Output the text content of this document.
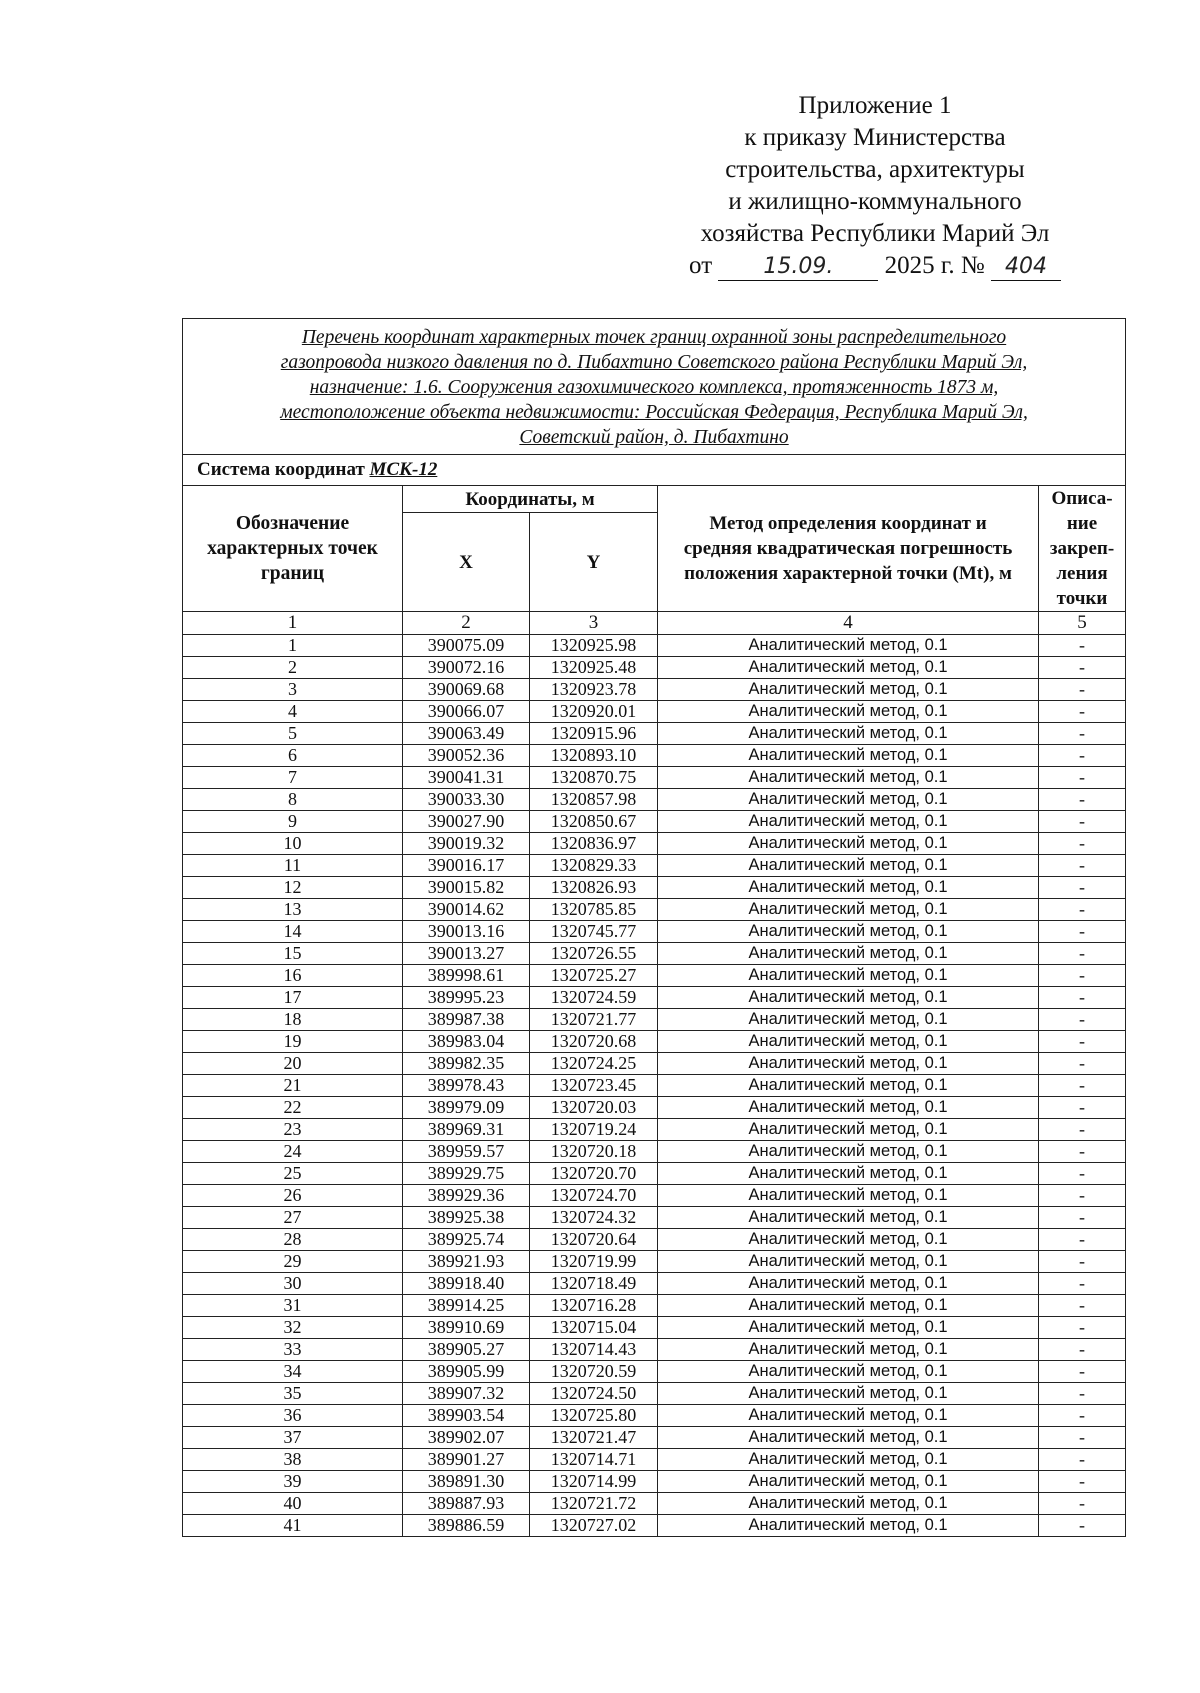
Приложение 1
к приказу Министерства
строительства, архитектуры
и жилищно-коммунального
хозяйства Республики Марий Эл
от 15.09. 2025 г. № 404
Перечень координат характерных точек границ охранной зоны распределительного
газопровода низкого давления по д. Пибахтино Советского района Республики Марий Эл,
назначение: 1.6. Сооружения газохимического комплекса, протяженность 1873 м,
местоположение объекта недвижимости: Российская Федерация, Республика Марий Эл,
Советский район, д. Пибахтино				

Система координат МСК-12				
Обозначение характерных точек границ	Координаты, м		Метод определения координат и средняя квадратическая погрешность положения характерной точки (Mt), м	Описа-ние закреп-ления точки
	X	Y		
1	2	3	4	5
1	390075.09	1320925.98	Аналитический метод, 0.1	-
2	390072.16	1320925.48	Аналитический метод, 0.1	-
3	390069.68	1320923.78	Аналитический метод, 0.1	-
4	390066.07	1320920.01	Аналитический метод, 0.1	-
5	390063.49	1320915.96	Аналитический метод, 0.1	-
6	390052.36	1320893.10	Аналитический метод, 0.1	-
7	390041.31	1320870.75	Аналитический метод, 0.1	-
8	390033.30	1320857.98	Аналитический метод, 0.1	-
9	390027.90	1320850.67	Аналитический метод, 0.1	-
10	390019.32	1320836.97	Аналитический метод, 0.1	-
11	390016.17	1320829.33	Аналитический метод, 0.1	-
12	390015.82	1320826.93	Аналитический метод, 0.1	-
13	390014.62	1320785.85	Аналитический метод, 0.1	-
14	390013.16	1320745.77	Аналитический метод, 0.1	-
15	390013.27	1320726.55	Аналитический метод, 0.1	-
16	389998.61	1320725.27	Аналитический метод, 0.1	-
17	389995.23	1320724.59	Аналитический метод, 0.1	-
18	389987.38	1320721.77	Аналитический метод, 0.1	-
19	389983.04	1320720.68	Аналитический метод, 0.1	-
20	389982.35	1320724.25	Аналитический метод, 0.1	-
21	389978.43	1320723.45	Аналитический метод, 0.1	-
22	389979.09	1320720.03	Аналитический метод, 0.1	-
23	389969.31	1320719.24	Аналитический метод, 0.1	-
24	389959.57	1320720.18	Аналитический метод, 0.1	-
25	389929.75	1320720.70	Аналитический метод, 0.1	-
26	389929.36	1320724.70	Аналитический метод, 0.1	-
27	389925.38	1320724.32	Аналитический метод, 0.1	-
28	389925.74	1320720.64	Аналитический метод, 0.1	-
29	389921.93	1320719.99	Аналитический метод, 0.1	-
30	389918.40	1320718.49	Аналитический метод, 0.1	-
31	389914.25	1320716.28	Аналитический метод, 0.1	-
32	389910.69	1320715.04	Аналитический метод, 0.1	-
33	389905.27	1320714.43	Аналитический метод, 0.1	-
34	389905.99	1320720.59	Аналитический метод, 0.1	-
35	389907.32	1320724.50	Аналитический метод, 0.1	-
36	389903.54	1320725.80	Аналитический метод, 0.1	-
37	389902.07	1320721.47	Аналитический метод, 0.1	-
38	389901.27	1320714.71	Аналитический метод, 0.1	-
39	389891.30	1320714.99	Аналитический метод, 0.1	-
40	389887.93	1320721.72	Аналитический метод, 0.1	-
41	389886.59	1320727.02	Аналитический метод, 0.1	-
